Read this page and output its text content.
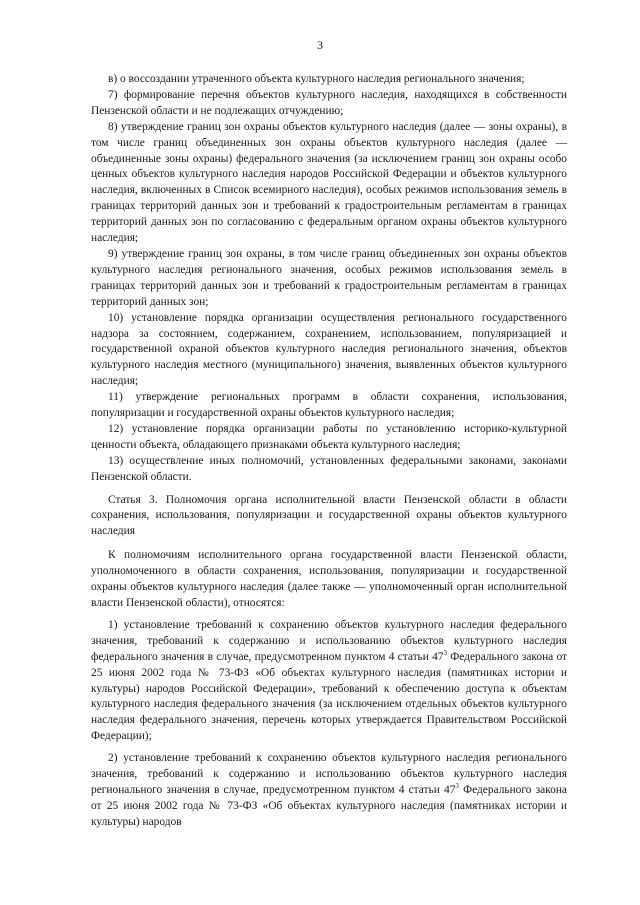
3

в) о воссоздании утраченного объекта культурного наследия регионального значения;

7) формирование перечня объектов культурного наследия, находящихся в собственности Пензенской области и не подлежащих отчуждению;

8) утверждение границ зон охраны объектов культурного наследия (далее — зоны охраны), в том числе границ объединенных зон охраны объектов культурного наследия (далее — объединенные зоны охраны) федерального значения (за исключением границ зон охраны особо ценных объектов культурного наследия народов Российской Федерации и объектов культурного наследия, включенных в Список всемирного наследия), особых режимов использования земель в границах территорий данных зон и требований к градостроительным регламентам в границах территорий данных зон по согласованию с федеральным органом охраны объектов культурного наследия;

9) утверждение границ зон охраны, в том числе границ объединенных зон охраны объектов культурного наследия регионального значения, особых режимов использования земель в границах территорий данных зон и требований к градостроительным регламентам в границах территорий данных зон;

10) установление порядка организации осуществления регионального государственного надзора за состоянием, содержанием, сохранением, использованием, популяризацией и государственной охраной объектов культурного наследия регионального значения, объектов культурного наследия местного (муниципального) значения, выявленных объектов культурного наследия;

11) утверждение региональных программ в области сохранения, использования, популяризации и государственной охраны объектов культурного наследия;

12) установление порядка организации работы по установлению историко-культурной ценности объекта, обладающего признаками объекта культурного наследия;

13) осуществление иных полномочий, установленных федеральными законами, законами Пензенской области.

Статья 3. Полномочия органа исполнительной власти Пензенской области в области сохранения, использования, популяризации и государственной охраны объектов культурного наследия

К полномочиям исполнительного органа государственной власти Пензенской области, уполномоченного в области сохранения, использования, популяризации и государственной охраны объектов культурного наследия (далее также — уполномоченный орган исполнительной власти Пензенской области), относятся:

1) установление требований к сохранению объектов культурного наследия федерального значения, требований к содержанию и использованию объектов культурного наследия федерального значения в случае, предусмотренном пунктом 4 статьи $47^3$ Федерального закона от 25 июня 2002 года № 73-ФЗ «Об объектах культурного наследия (памятниках истории и культуры) народов Российской Федерации», требований к обеспечению доступа к объектам культурного наследия федерального значения (за исключением отдельных объектов культурного наследия федерального значения, перечень которых утверждается Правительством Российской Федерации);

2) установление требований к сохранению объектов культурного наследия регионального значения, требований к содержанию и использованию объектов культурного наследия регионального значения в случае, предусмотренном пунктом 4 статьи $47^3$ Федерального закона от 25 июня 2002 года № 73-ФЗ «Об объектах культурного наследия (памятниках истории и культуры) народов
